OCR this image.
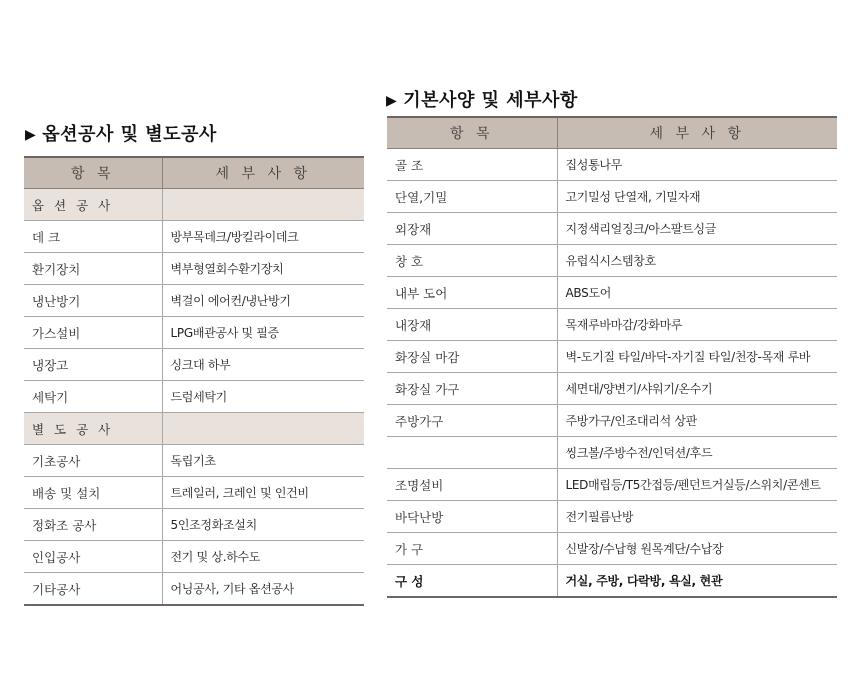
▶ 옵션공사 및 별도공사
항 목	세 부 사 항
옵 션 공 사	
데 크	방부목데크/방킬라이데크
환기장치	벽부형열회수환기장치
냉난방기	벽걸이 에어컨/냉난방기
가스설비	LPG배관공사 및 필증
냉장고	싱크대 하부
세탁기	드럼세탁기
별 도 공 사	
기초공사	독립기초
배송 및 설치	트레일러, 크레인 및 인건비
정화조 공사	5인조정화조설치
인입공사	전기 및 상.하수도
기타공사	어닝공사, 기타 옵션공사
▶ 기본사양 및 세부사항
항 목	세 부 사 항
골 조	집성통나무
단열,기밀	고기밀성 단열재, 기밀자재
외장재	지정색리얼징크/아스팔트싱글
창 호	유럽식시스템창호
내부 도어	ABS도어
내장재	목재루바마감/강화마루
화장실 마감	벽-도기질 타일/바닥-자기질 타일/천장-목재 루바
화장실 가구	세면대/양변기/샤워기/온수기
주방가구	주방가구/인조대리석 상판
	씽크볼/주방수전/인덕션/후드
조명설비	LED매립등/T5간접등/펜던트거실등/스위치/콘센트
바닥난방	전기필름난방
가 구	신발장/수납형 원목계단/수납장
구 성	거실, 주방, 다락방, 욕실, 현관
